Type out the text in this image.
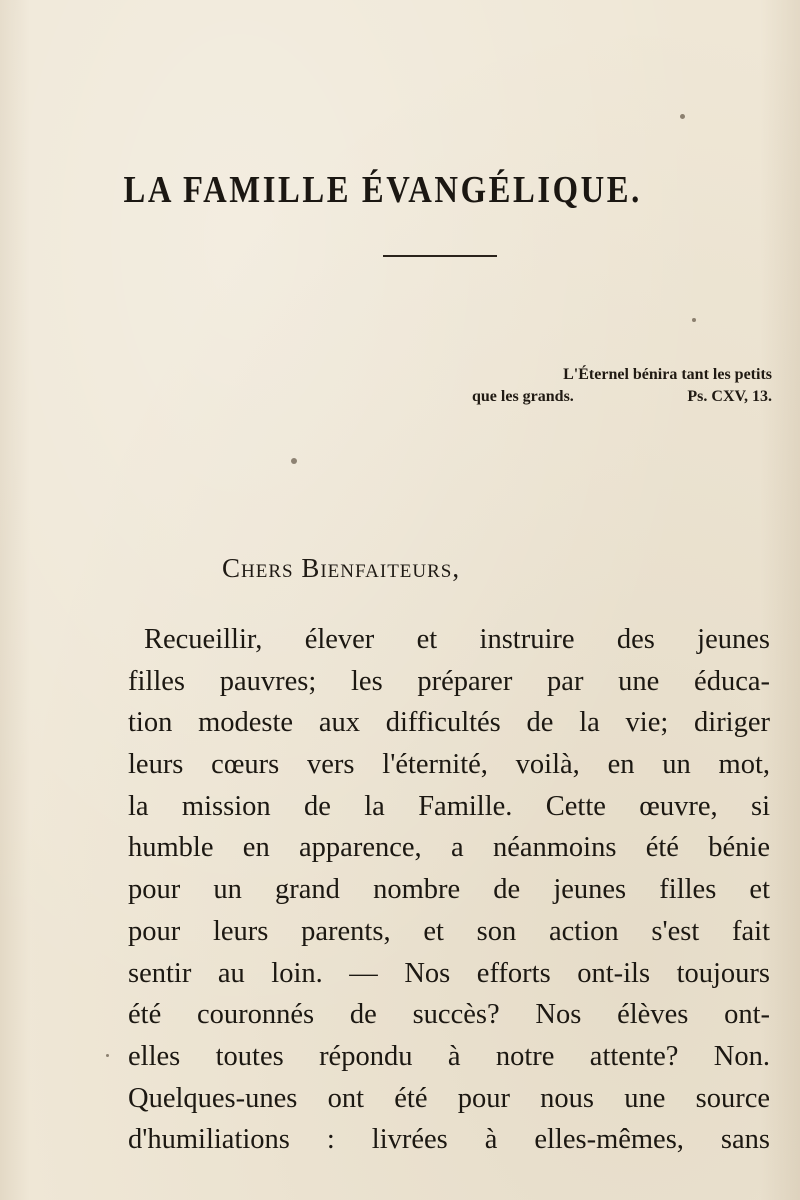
LA FAMILLE ÉVANGÉLIQUE.
L'Éternel bénira tant les petits
que les grands.	Ps. CXV, 13.
Chers Bienfaiteurs,
Recueillir, élever et instruire des jeunes
filles pauvres; les préparer par une éduca-
tion modeste aux difficultés de la vie; diriger
leurs cœurs vers l'éternité, voilà, en un mot,
la mission de la Famille. Cette œuvre, si
humble en apparence, a néanmoins été bénie
pour un grand nombre de jeunes filles et
pour leurs parents, et son action s'est fait
sentir au loin. — Nos efforts ont-ils toujours
été couronnés de succès? Nos élèves ont-
elles toutes répondu à notre attente? Non.
Quelques-unes ont été pour nous une source
d'humiliations : livrées à elles-mêmes, sans
